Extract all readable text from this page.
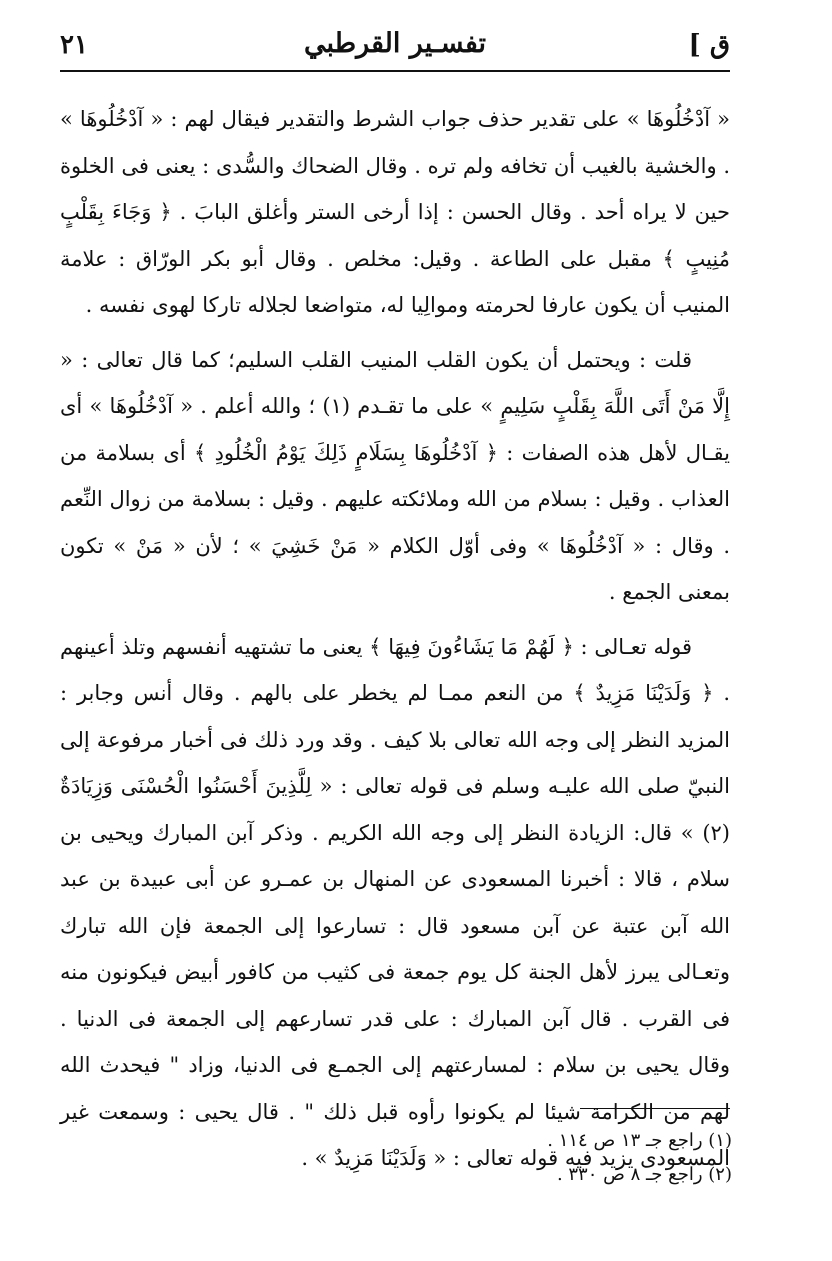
ق ]
تفسـير القرطبي
٢١

« آدْخُلُوهَا » على تقدير حذف جواب الشرط والتقدير فيقال لهم : « آدْخُلُوهَا » . والخشية بالغيب أن تخافه ولم تره . وقال الضحاك والسُّدى : يعنى فى الخلوة حين لا يراه أحد . وقال الحسن : إذا أرخى الستر وأغلق البابَ . ﴿ وَجَاءَ بِقَلْبٍ مُنِيبٍ ﴾ مقبل على الطاعة . وقيل: مخلص . وقال أبو بكر الورّاق : علامة المنيب أن يكون عارفا لحرمته وموالِيا له، متواضعا لجلاله تاركا لهوى نفسه .

قلت : ويحتمل أن يكون القلب المنيب القلب السليم؛ كما قال تعالى : « إِلَّا مَنْ أَتَى اللَّهَ بِقَلْبٍ سَلِيمٍ » على ما تقـدم (١) ؛ والله أعلم . « آدْخُلُوهَا » أى يقـال لأهل هذه الصفات : ﴿ آدْخُلُوهَا بِسَلَامٍ ذَلِكَ يَوْمُ الْخُلُودِ ﴾ أى بسلامة من العذاب . وقيل : بسلام من الله وملائكته عليهم . وقيل : بسلامة من زوال النِّعم . وقال : « آدْخُلُوهَا » وفى أوّل الكلام « مَنْ خَشِيَ » ؛ لأن « مَنْ » تكون بمعنى الجمع .

قوله تعـالى : ﴿ لَهُمْ مَا يَشَاءُونَ فِيهَا ﴾ يعنى ما تشتهيه أنفسهم وتلذ أعينهم . ﴿ وَلَدَيْنَا مَزِيدٌ ﴾ من النعم ممـا لم يخطر على بالهم . وقال أنس وجابر : المزيد النظر إلى وجه الله تعالى بلا كيف . وقد ورد ذلك فى أخبار مرفوعة إلى النبيّ صلى الله عليـه وسلم فى قوله تعالى : « لِلَّذِينَ أَحْسَنُوا الْحُسْنَى وَزِيَادَةٌ (٢) » قال: الزيادة النظر إلى وجه الله الكريم . وذكر آبن المبارك ويحيى بن سلام ، قالا : أخبرنا المسعودى عن المنهال بن عمـرو عن أبى عبيدة بن عبد الله آبن عتبة عن آبن مسعود قال : تسارعوا إلى الجمعة فإن الله تبارك وتعـالى يبرز لأهل الجنة كل يوم جمعة فى كثيب من كافور أبيض فيكونون منه فى القرب . قال آبن المبارك : على قدر تسارعهم إلى الجمعة فى الدنيا . وقال يحيى بن سلام : لمسارعتهم إلى الجمـع فى الدنيا، وزاد " فيحدث الله لهم من الكرامة شيئا لم يكونوا رأوه قبل ذلك " . قال يحيى : وسمعت غير المسعودى يزيد فيه قوله تعالى : « وَلَدَيْنَا مَزِيدٌ » .

(١) راجع جـ ١٣ ص ١١٤ .

(٢) راجع جـ ٨ ص ٣٣٠ .
